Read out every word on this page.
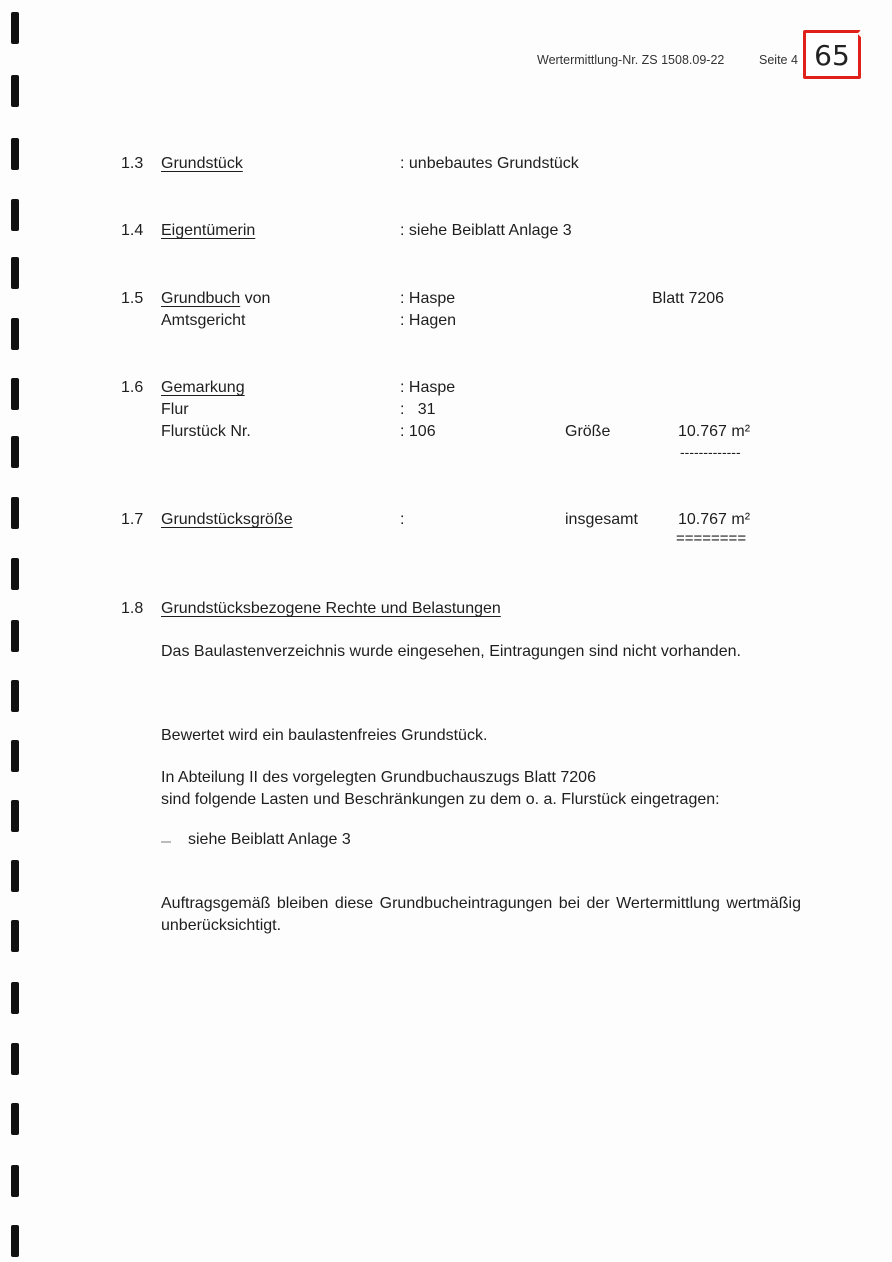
Wertermittlung-Nr. ZS 1508.09-22	Seite 4 65
1.3 Grundstück	: unbebautes Grundstück
1.4 Eigentümerin	: siehe Beiblatt Anlage 3
1.5 Grundbuch von	: Haspe	Blatt 7206
Amtsgericht	: Hagen
1.6 Gemarkung	: Haspe
Flur	:   31
Flurstück Nr.	: 106	Größe	10.767 m²
-------------
1.7 Grundstücksgröße	:	insgesamt	10.767 m²
========
1.8 Grundstücksbezogene Rechte und Belastungen
Das Baulastenverzeichnis wurde eingesehen, Eintragungen sind nicht vorhanden.
Bewertet wird ein baulastenfreies Grundstück.
In Abteilung II des vorgelegten Grundbuchauszugs Blatt 7206
sind folgende Lasten und Beschränkungen zu dem o. a. Flurstück eingetragen:
siehe Beiblatt Anlage 3
Auftragsgemäß bleiben diese Grundbucheintragungen bei der Wertermittlung wertmäßig unberücksichtigt.
